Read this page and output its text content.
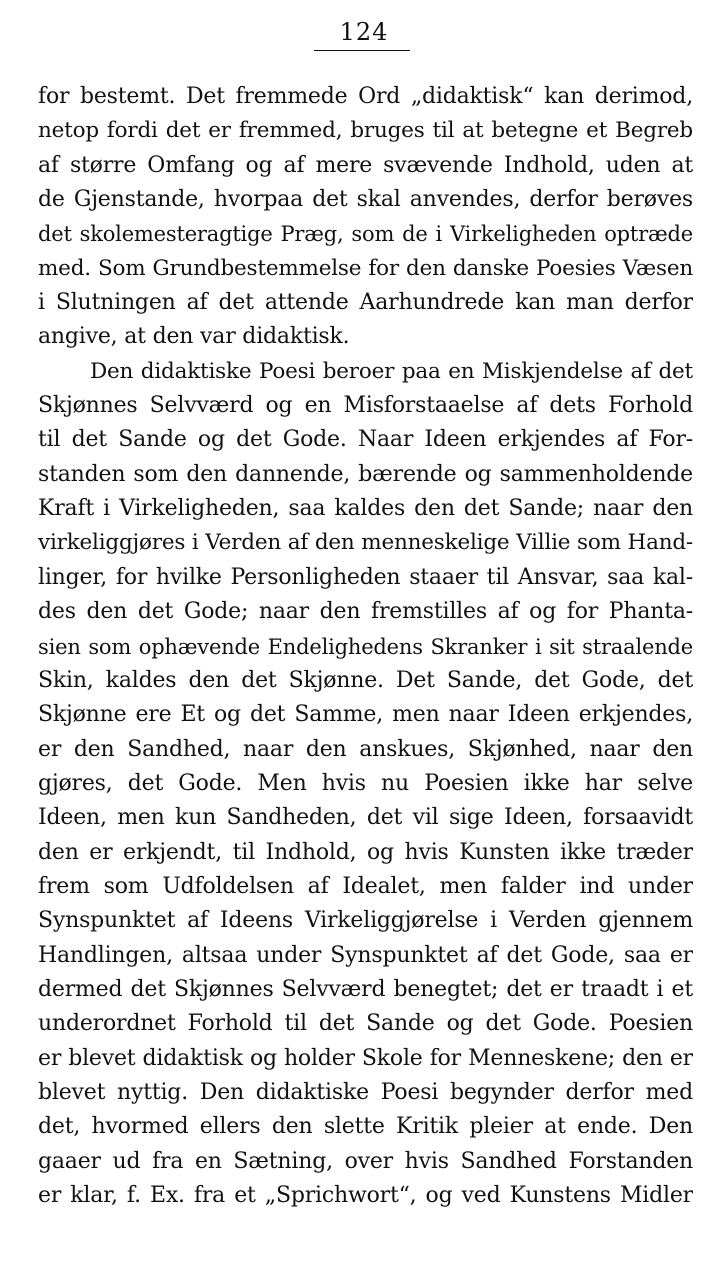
124
for bestemt. Det fremmede Ord „didaktisk“ kan derimod,
netop fordi det er fremmed, bruges til at betegne et Begreb
af større Omfang og af mere svævende Indhold, uden at
de Gjenstande, hvorpaa det skal anvendes, derfor berøves
det skolemesteragtige Præg, som de i Virkeligheden optræde
med. Som Grundbestemmelse for den danske Poesies Væsen
i Slutningen af det attende Aarhundrede kan man derfor
angive, at den var didaktisk.
Den didaktiske Poesi beroer paa en Miskjendelse af det
Skjønnes Selvværd og en Misforstaaelse af dets Forhold
til det Sande og det Gode. Naar Ideen erkjendes af For-
standen som den dannende, bærende og sammenholdende
Kraft i Virkeligheden, saa kaldes den det Sande; naar den
virkeliggjøres i Verden af den menneskelige Villie som Hand-
linger, for hvilke Personligheden staaer til Ansvar, saa kal-
des den det Gode; naar den fremstilles af og for Phanta-
sien som ophævende Endelighedens Skranker i sit straalende
Skin, kaldes den det Skjønne. Det Sande, det Gode, det
Skjønne ere Et og det Samme, men naar Ideen erkjendes,
er den Sandhed, naar den anskues, Skjønhed, naar den
gjøres, det Gode. Men hvis nu Poesien ikke har selve
Ideen, men kun Sandheden, det vil sige Ideen, forsaavidt
den er erkjendt, til Indhold, og hvis Kunsten ikke træder
frem som Udfoldelsen af Idealet, men falder ind under
Synspunktet af Ideens Virkeliggjørelse i Verden gjennem
Handlingen, altsaa under Synspunktet af det Gode, saa er
dermed det Skjønnes Selvværd benegtet; det er traadt i et
underordnet Forhold til det Sande og det Gode. Poesien
er blevet didaktisk og holder Skole for Menneskene; den er
blevet nyttig. Den didaktiske Poesi begynder derfor med
det, hvormed ellers den slette Kritik pleier at ende. Den
gaaer ud fra en Sætning, over hvis Sandhed Forstanden
er klar, f. Ex. fra et „Sprichwort“, og ved Kunstens Midler
